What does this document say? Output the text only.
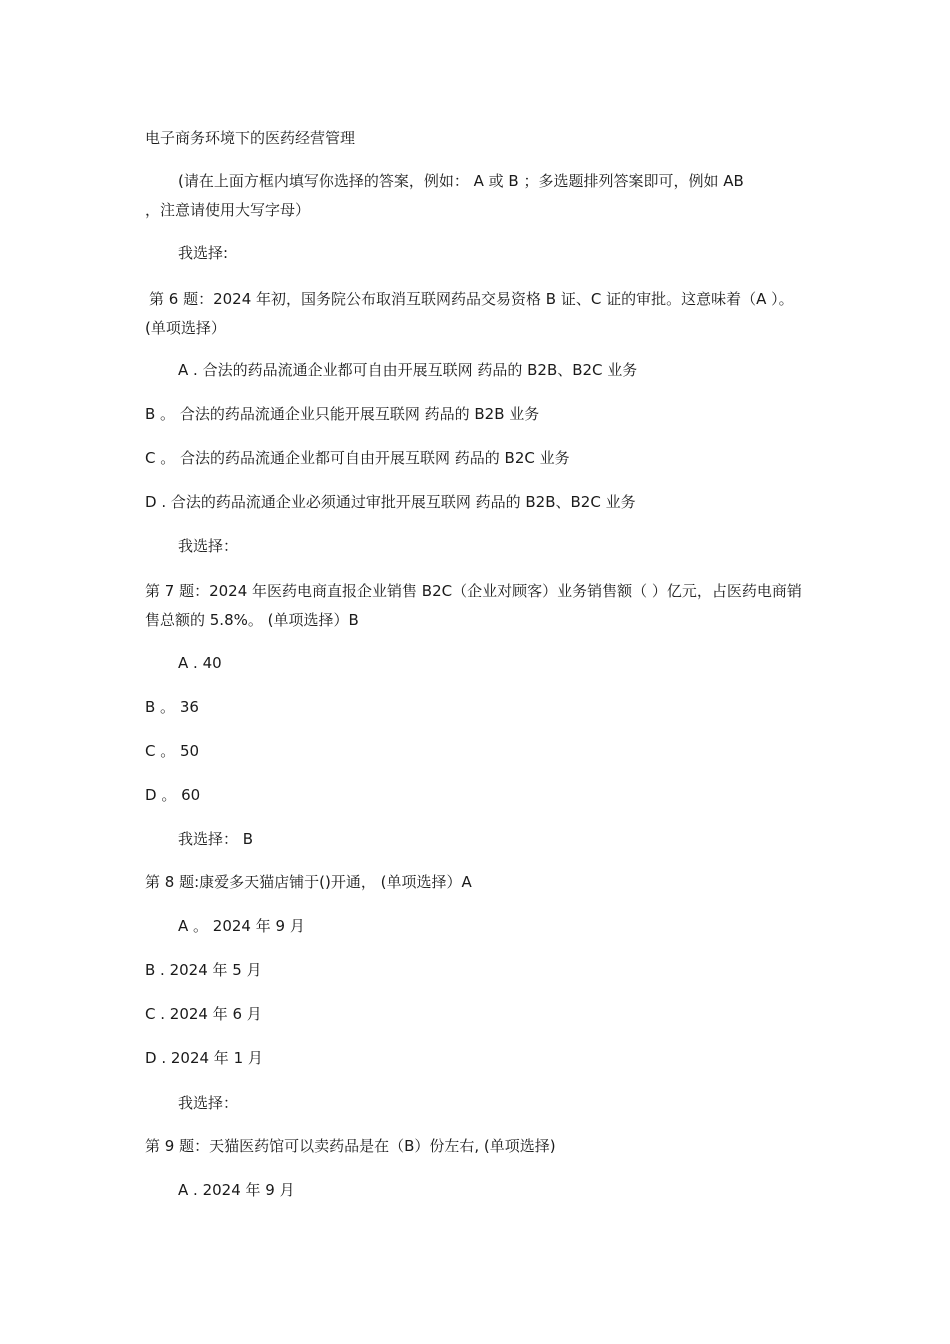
电子商务环境下的医药经营管理
(请在上面方框内填写你选择的答案，例如： A 或 B ；多选题排列答案即可，例如 AB
，注意请使用大写字母）
我选择:
第 6 题：2024 年初，国务院公布取消互联网药品交易资格 B 证、C 证的审批。这意味着（A ）。 (单项选择）
A . 合法的药品流通企业都可自由开展互联网 药品的 B2B、B2C 业务
B 。 合法的药品流通企业只能开展互联网 药品的 B2B 业务
C 。 合法的药品流通企业都可自由开展互联网 药品的 B2C 业务
D . 合法的药品流通企业必须通过审批开展互联网 药品的 B2B、B2C 业务
我选择：
第 7 题：2024 年医药电商直报企业销售 B2C（企业对顾客）业务销售额（ ）亿元，占医药电商销售总额的 5.8%。 (单项选择）B
A . 40
B 。 36
C 。 50
D 。 60
我选择： B
第 8 题:康爱多天猫店铺于()开通， (单项选择）A
A 。 2024 年 9 月
B . 2024 年 5 月
C . 2024 年 6 月
D . 2024 年 1 月
我选择：
第 9 题：天猫医药馆可以卖药品是在（B）份左右, (单项选择)
A . 2024 年 9 月
